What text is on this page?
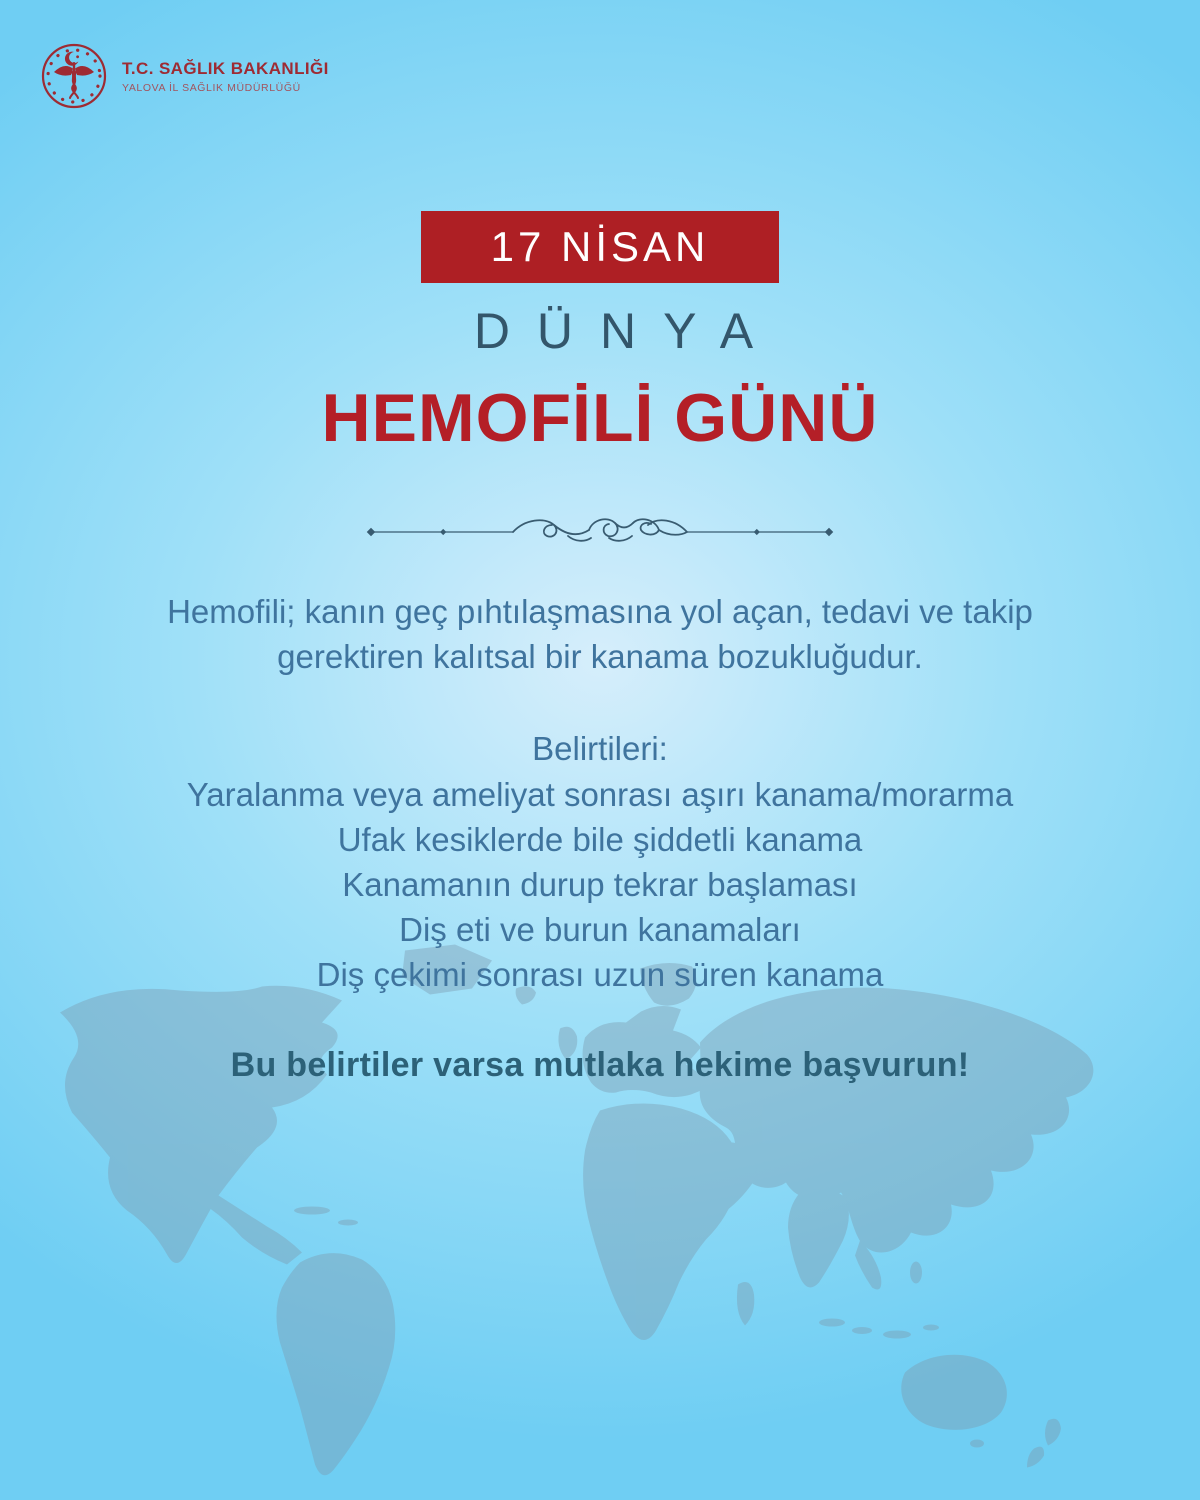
T.C. SAĞLIK BAKANLIĞI
YALOVA İL SAĞLIK MÜDÜRLÜĞÜ
17 NİSAN
DÜNYA
HEMOFİLİ GÜNÜ
Hemofili; kanın geç pıhtılaşmasına yol açan, tedavi ve takip
gerektiren kalıtsal bir kanama bozukluğudur.
Belirtileri:
Yaralanma veya ameliyat sonrası aşırı kanama/morarma
Ufak kesiklerde bile şiddetli kanama
Kanamanın durup tekrar başlaması
Diş eti ve burun kanamaları
Diş çekimi sonrası uzun süren kanama
Bu belirtiler varsa mutlaka hekime başvurun!
